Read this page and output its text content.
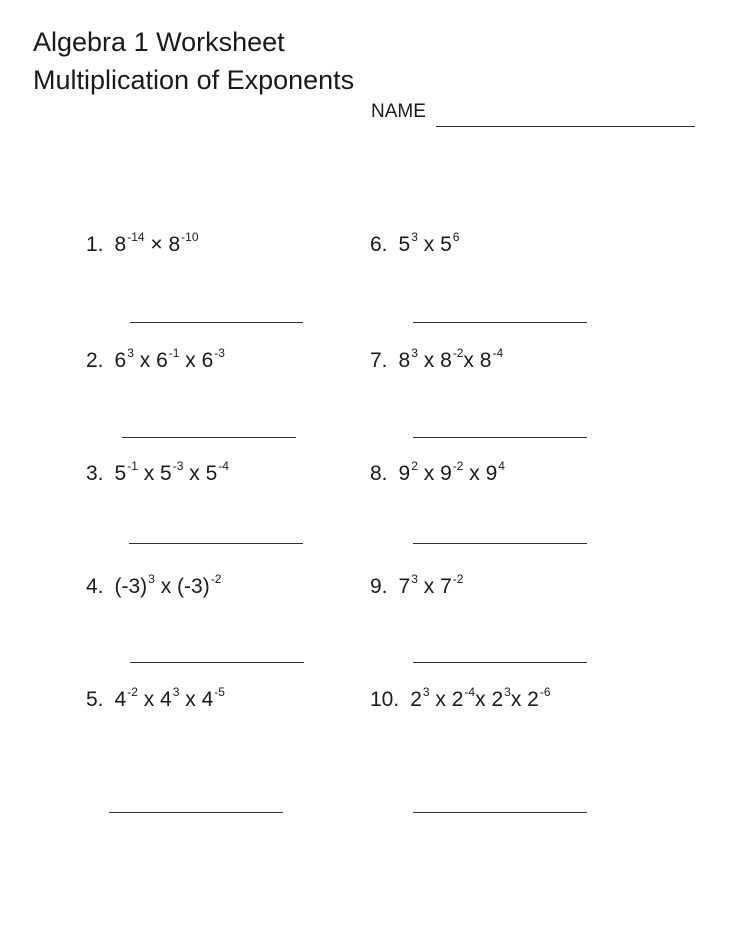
Algebra 1 Worksheet
Multiplication of Exponents
NAME
1. $8^{-14} \times 8^{-10}$
2. $6^3$ x $6^{-1}$ x $6^{-3}$
3. $5^{-1}$ x $5^{-3}$ x $5^{-4}$
4. $(-3)^3$ x $(-3)^{-2}$
5. $4^{-2}$ x $4^3$ x $4^{-5}$
6. $5^3$ x $5^6$
7. $8^3$ x $8^{-2}x$ $8^{-4}$
8. $9^2$ x $9^{-2}$ x $9^4$
9. $7^3$ x $7^{-2}$
10. $2^3$ x $2^{-4}x$ $2^3x$ $2^{-6}$
